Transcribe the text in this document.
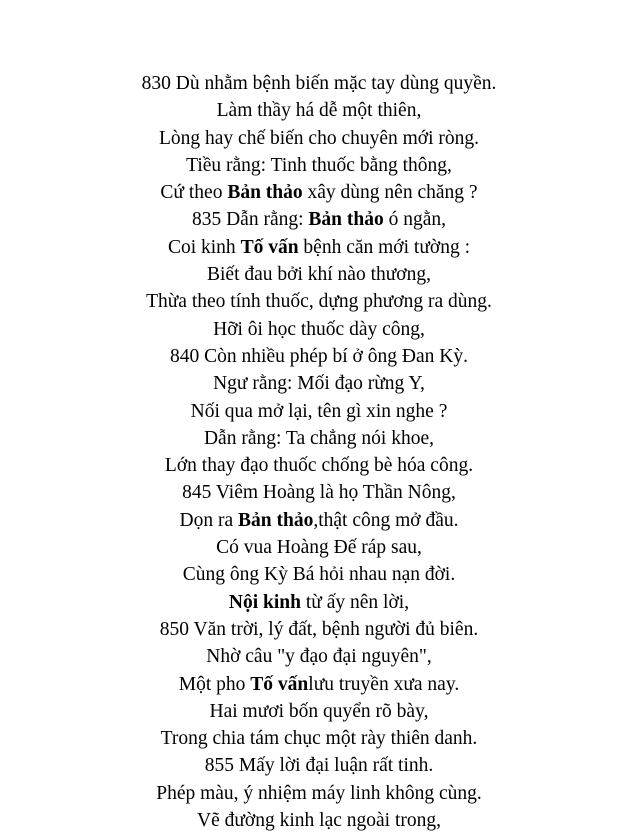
830 Dù nhằm bệnh biến mặc tay dùng quyền.
Làm thầy há dễ một thiên,
Lòng hay chế biến cho chuyên mới ròng.
Tiều rằng: Tinh thuốc bằng thông,
Cứ theo Bản thảo xây dùng nên chăng ?
835 Dẫn rằng: Bản thảo ó ngằn,
Coi kinh Tố vấn bệnh căn mới tường :
Biết đau bởi khí nào thương,
Thừa theo tính thuốc, dựng phương ra dùng.
Hỡi ôi học thuốc dày công,
840 Còn nhiều phép bí ở ông Đan Kỳ.
Ngư rằng: Mối đạo rừng Y,
Nối qua mở lại, tên gì xin nghe ?
Dẫn rằng: Ta chẳng nói khoe,
Lớn thay đạo thuốc chống bè hóa công.
845 Viêm Hoàng là họ Thần Nông,
Dọn ra Bản thảo,thật công mở đầu.
Có vua Hoàng Đế ráp sau,
Cùng ông Kỳ Bá hỏi nhau nạn đời.
Nội kinh từ ấy nên lời,
850 Văn trời, lý đất, bệnh người đủ biên.
Nhờ câu "y đạo đại nguyên",
Một pho Tố vấnlưu truyền xưa nay.
Hai mươi bốn quyển rõ bày,
Trong chia tám chục một rày thiên danh.
855 Mấy lời đại luận rất tinh.
Phép màu, ý nhiệm máy linh không cùng.
Vẽ đường kinh lạc ngoài trong,
